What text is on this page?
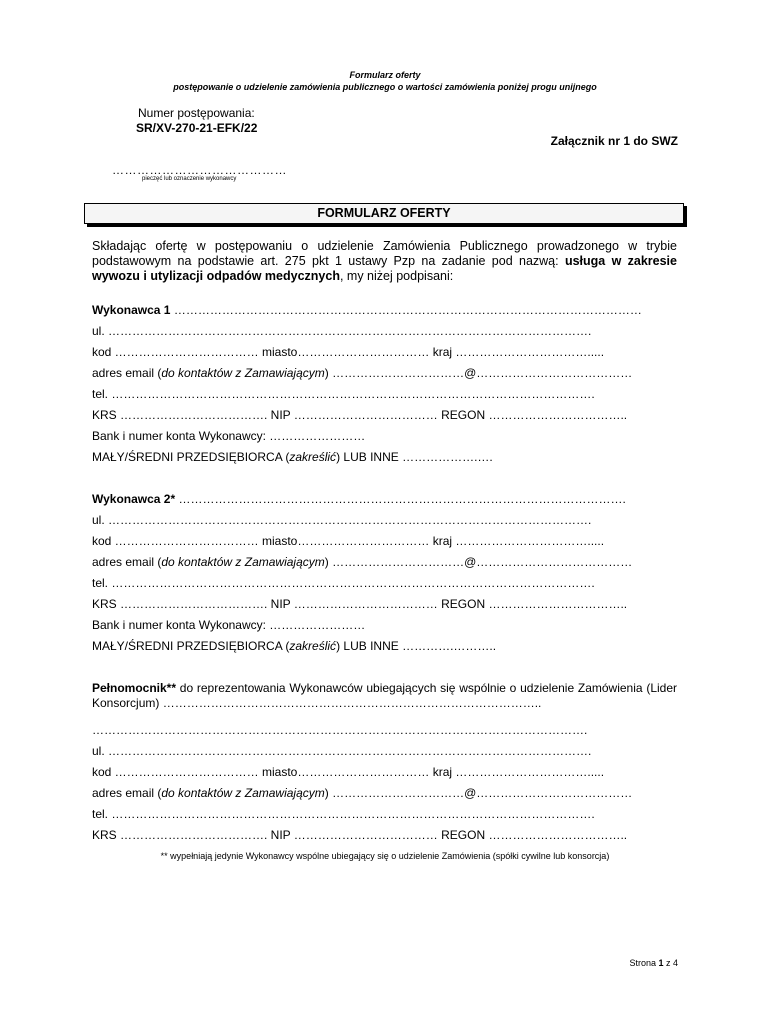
Formularz oferty
postępowanie o udzielenie zamówienia publicznego o wartości zamówienia poniżej progu unijnego
Numer postępowania:
SR/XV-270-21-EFK/22
Załącznik nr 1 do SWZ
……………………………………
pieczęć lub oznaczenie wykonawcy
FORMULARZ OFERTY
Składając ofertę w postępowaniu o udzielenie Zamówienia Publicznego prowadzonego w trybie podstawowym na podstawie art. 275 pkt 1 ustawy Pzp na zadanie pod nazwą: usługa w zakresie wywozu i utylizacji odpadów medycznych, my niżej podpisani:
Wykonawca 1 ………………………………………………………………………………………………………
ul. ………………………………………………………………………………………………………….
kod ……………………………… miasto…………………………… kraj …………………………….....
adres email (do kontaktów z Zamawiającym) ……………………………@…………………………………
tel. ………………………………………………………………………………………………………….
KRS ………………………………. NIP ……………………………… REGON ……………………………..
Bank i numer konta Wykonawcy: ……………………
MAŁY/ŚREDNI PRZEDSIĘBIORCA (zakreślić) LUB INNE ……………….….
Wykonawca 2* ………………………………………………………………………………………………….
ul. ………………………………………………………………………………………………………….
kod ……………………………… miasto…………………………… kraj …………………………….....
adres email (do kontaktów z Zamawiającym) ……………………………@…………………………………
tel. ………………………………………………………………………………………………………….
KRS ………………………………. NIP ……………………………… REGON ……………………………..
Bank i numer konta Wykonawcy: ……………………
MAŁY/ŚREDNI PRZEDSIĘBIORCA (zakreślić) LUB INNE ………….………..
Pełnomocnik** do reprezentowania Wykonawców ubiegających się wspólnie o udzielenie Zamówienia (Lider Konsorcjum) …………………………………………………………………………………..
…………………………………………………………………………………………………………….
ul. ………………………………………………………………………………………………………….
kod ……………………………… miasto…………………………… kraj …………………………….....
adres email (do kontaktów z Zamawiającym) ……………………………@…………………………………
tel. ………………………………………………………………………………………………………….
KRS ………………………………. NIP ……………………………… REGON ……………………………..
** wypełniają jedynie Wykonawcy wspólne ubiegający się o udzielenie Zamówienia (spółki cywilne lub konsorcja)
Strona 1 z 4
